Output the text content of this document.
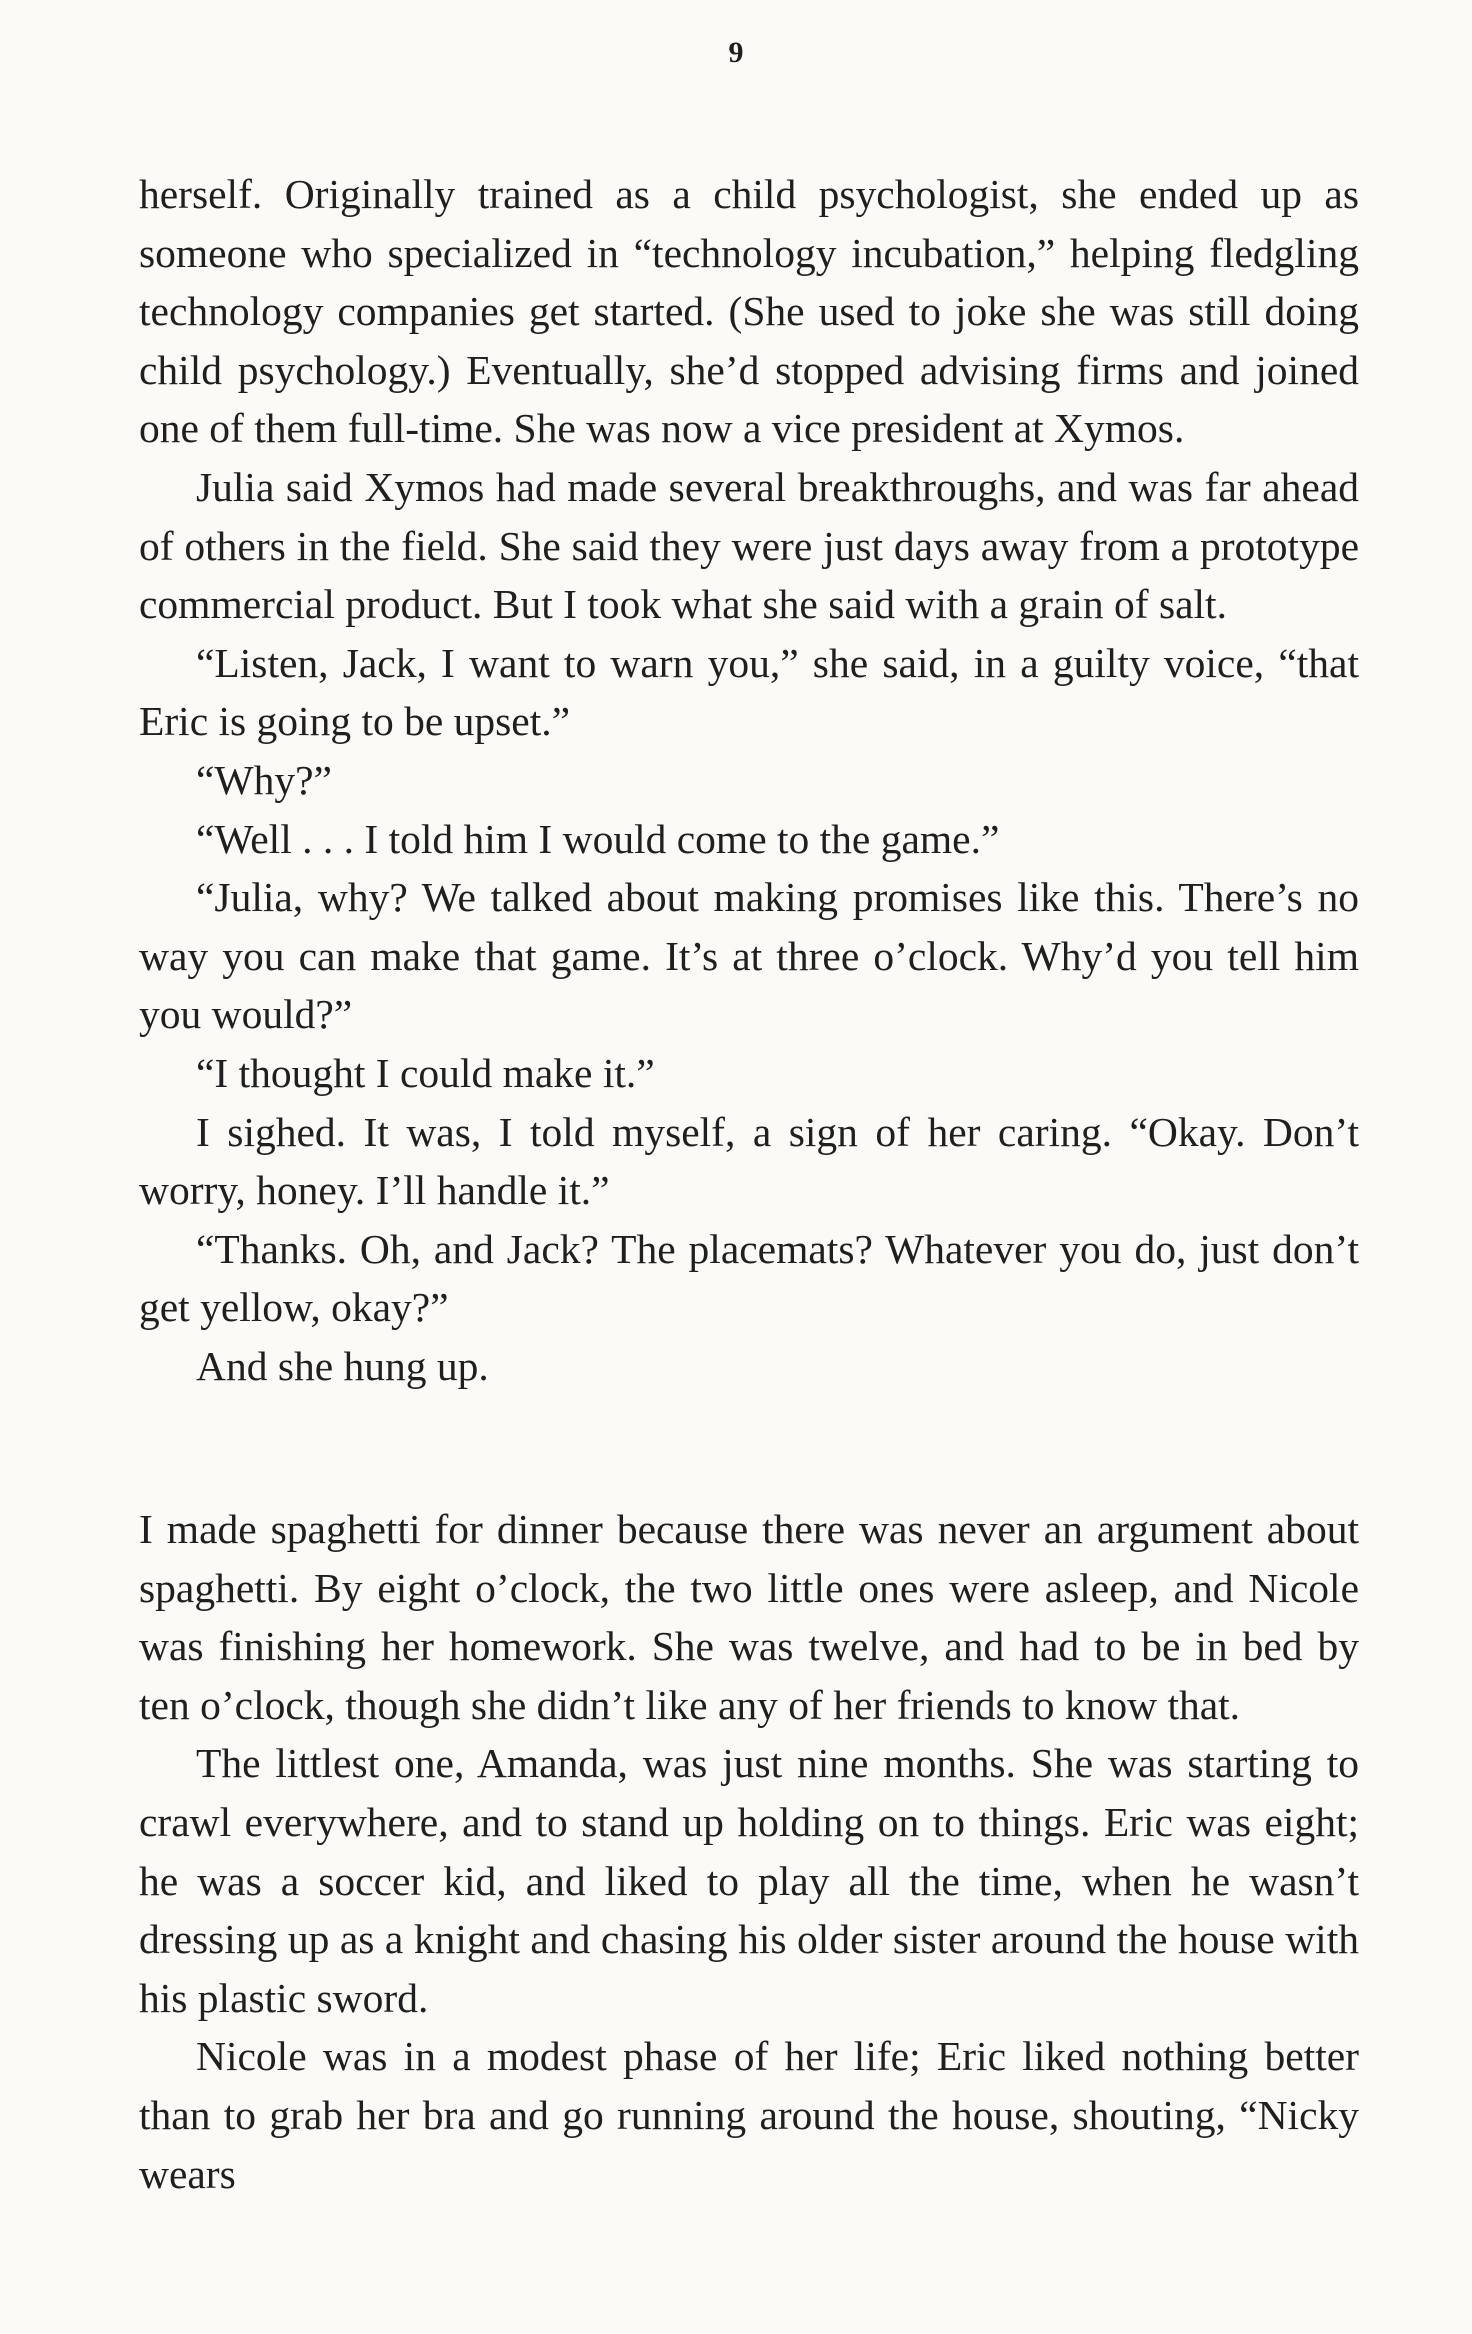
9

herself. Originally trained as a child psychologist, she ended up as someone who specialized in “technology incubation,” helping fledgling technology companies get started. (She used to joke she was still doing child psychology.) Eventually, she’d stopped advising firms and joined one of them full-time. She was now a vice president at Xymos.

Julia said Xymos had made several breakthroughs, and was far ahead of others in the field. She said they were just days away from a prototype commercial product. But I took what she said with a grain of salt.

“Listen, Jack, I want to warn you,” she said, in a guilty voice, “that Eric is going to be upset.”

“Why?”

“Well . . . I told him I would come to the game.”

“Julia, why? We talked about making promises like this. There’s no way you can make that game. It’s at three o’clock. Why’d you tell him you would?”

“I thought I could make it.”

I sighed. It was, I told myself, a sign of her caring. “Okay. Don’t worry, honey. I’ll handle it.”

“Thanks. Oh, and Jack? The placemats? Whatever you do, just don’t get yellow, okay?”

And she hung up.

I made spaghetti for dinner because there was never an argument about spaghetti. By eight o’clock, the two little ones were asleep, and Nicole was finishing her homework. She was twelve, and had to be in bed by ten o’clock, though she didn’t like any of her friends to know that.

The littlest one, Amanda, was just nine months. She was starting to crawl everywhere, and to stand up holding on to things. Eric was eight; he was a soccer kid, and liked to play all the time, when he wasn’t dressing up as a knight and chasing his older sister around the house with his plastic sword.

Nicole was in a modest phase of her life; Eric liked nothing better than to grab her bra and go running around the house, shouting, “Nicky wears
